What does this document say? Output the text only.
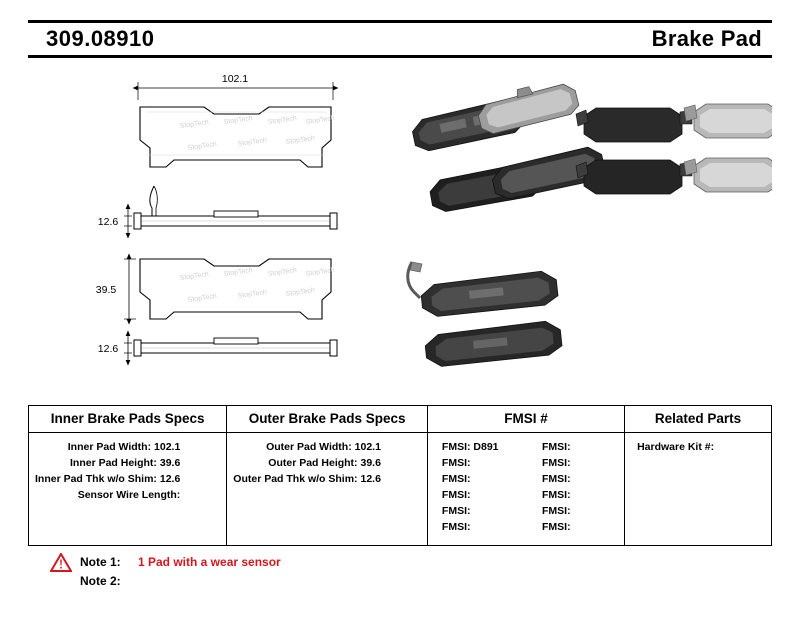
309.08910	Brake Pad
102.1
StopTech StopTech StopTech StopTech
StopTech	StopTech	StopTech
12.6
StopTech StopTech StopTech StopTech
StopTech	StopTech	StopTech
39.5
12.6
Inner Brake Pads Specs	Outer Brake Pads Specs	FMSI #	Related Parts

Inner Pad Width: 102.1
Inner Pad Height: 39.6
Inner Pad Thk w/o Shim: 12.6
Sensor Wire Length:

Outer Pad Width: 102.1
Outer Pad Height: 39.6
Outer Pad Thk w/o Shim: 12.6

FMSI: D891
FMSI:
FMSI:
FMSI:
FMSI:
FMSI:
FMSI:
FMSI:
FMSI:
FMSI:
FMSI:
FMSI:

Hardware Kit #:
Note 1:	1 Pad with a wear sensor
Note 2:
